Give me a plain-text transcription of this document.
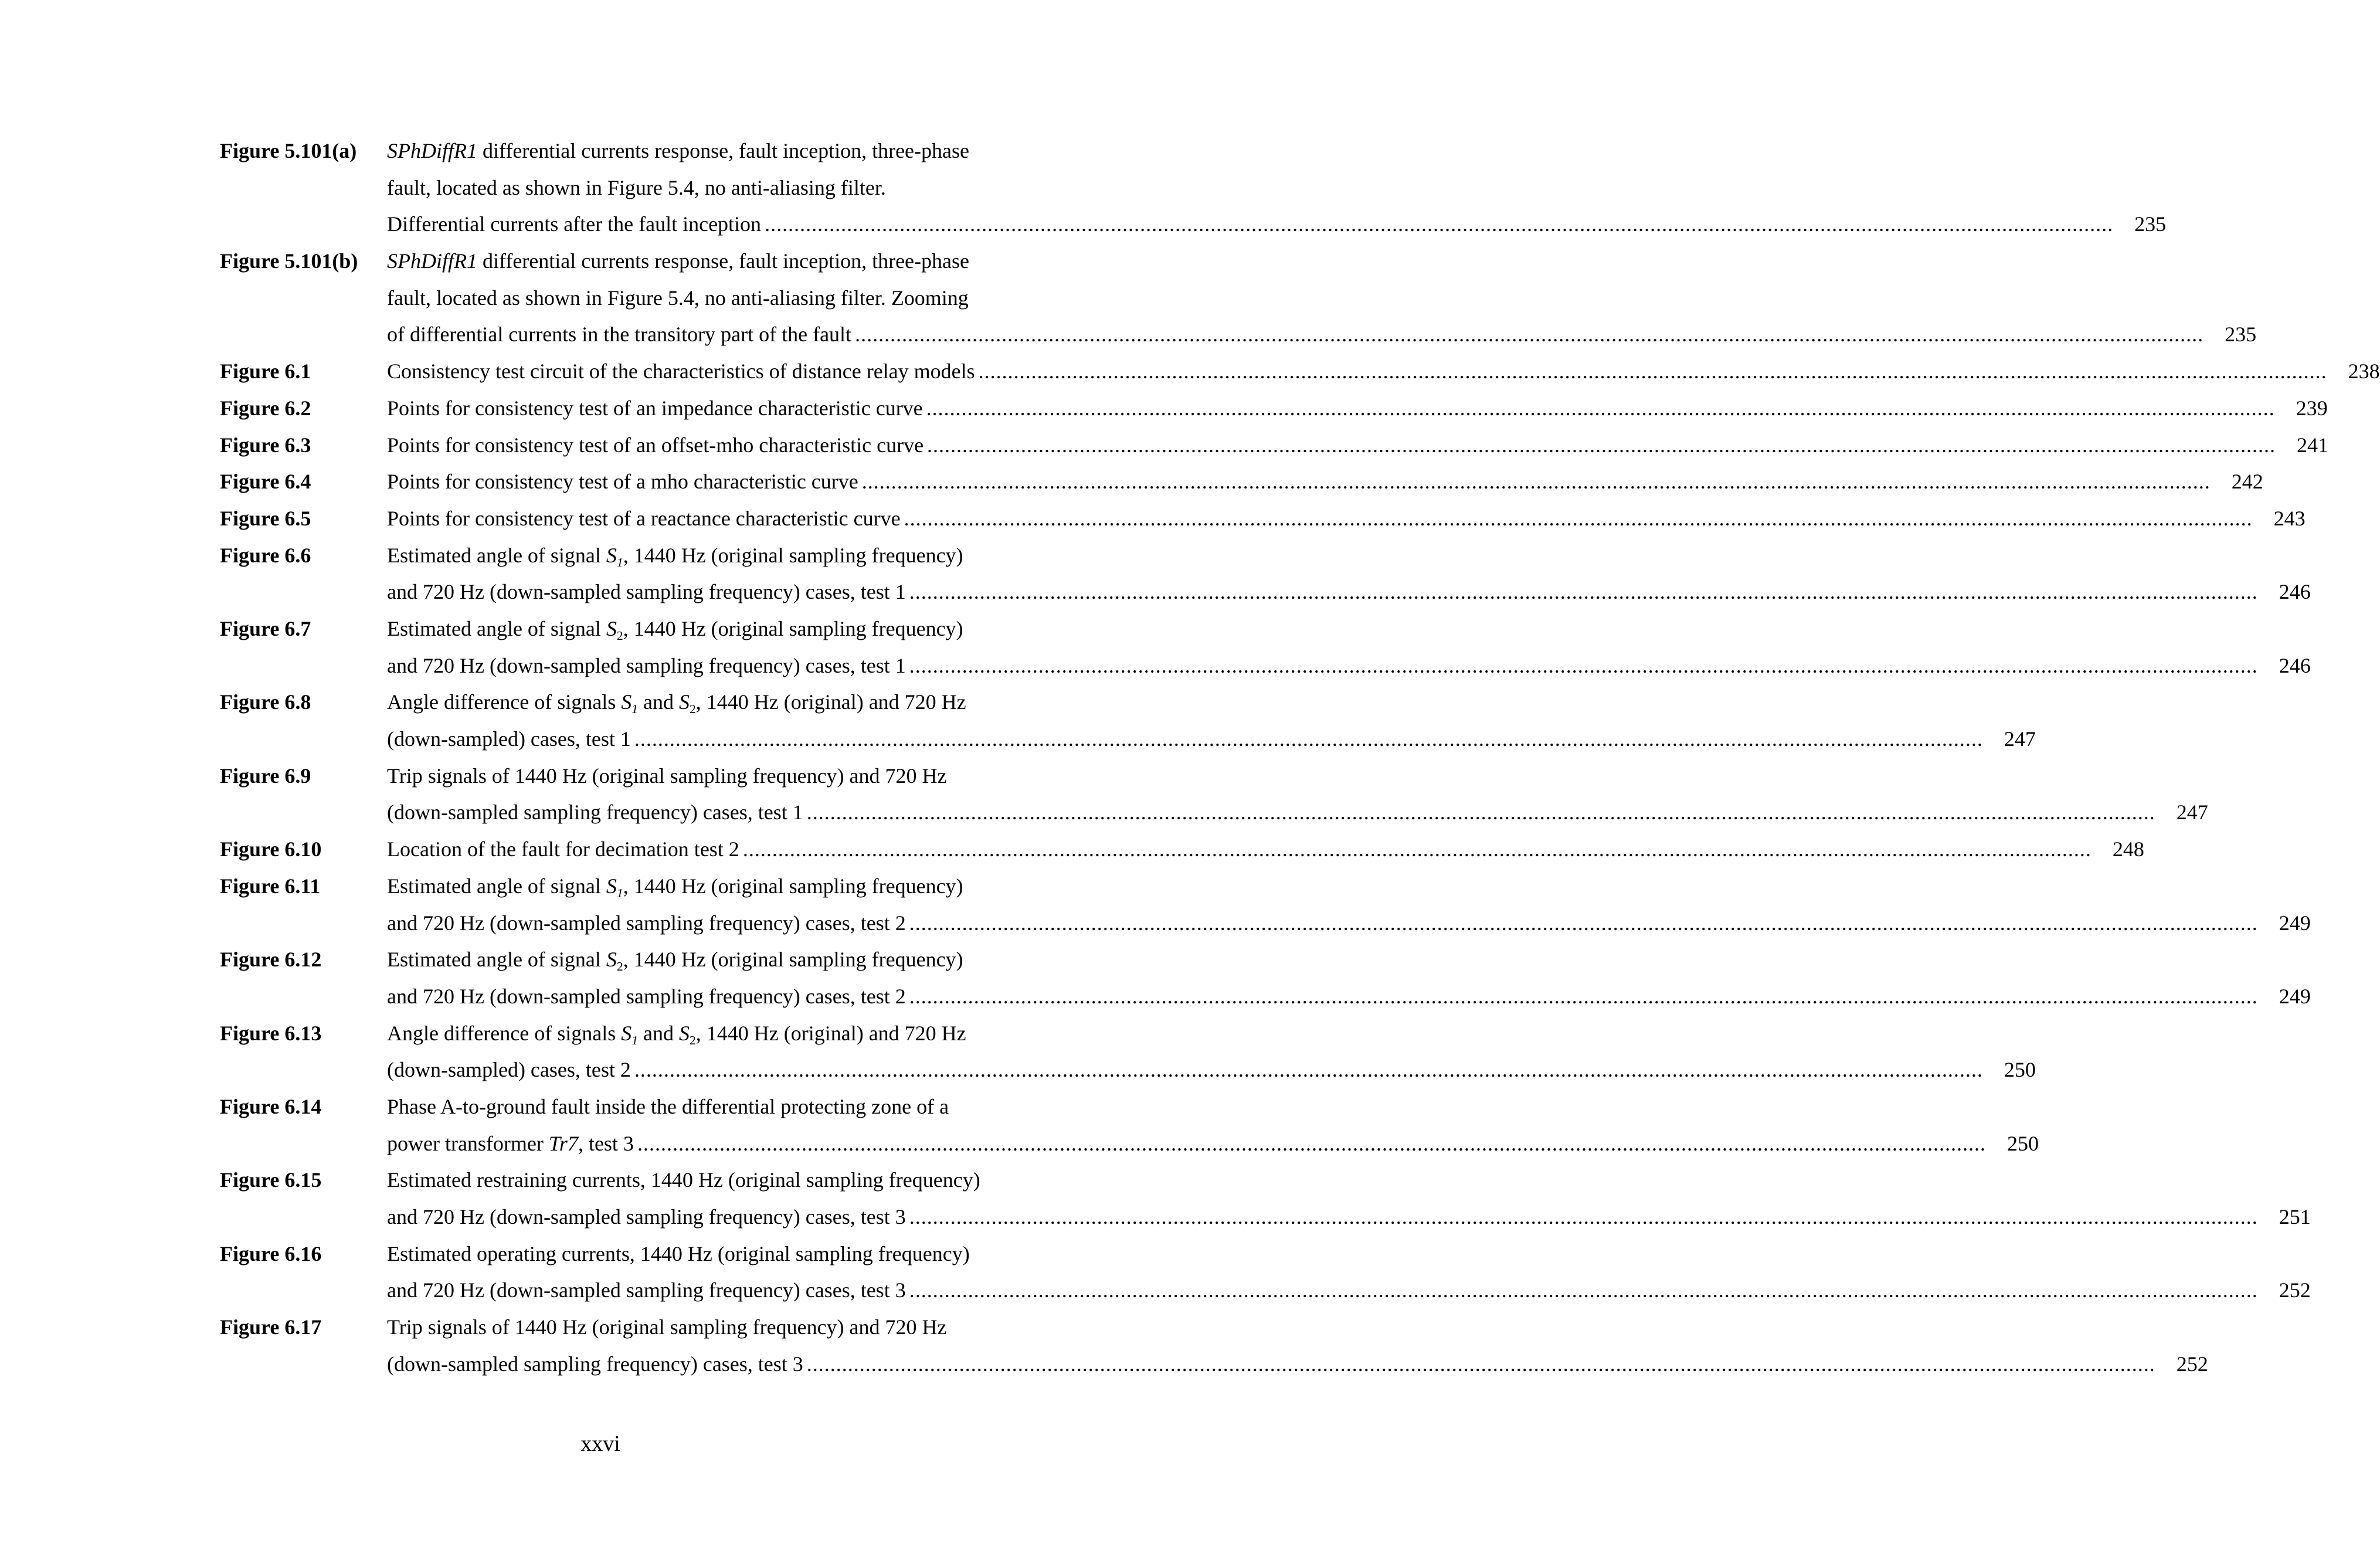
Figure 5.101(a)	SPhDiffR1 differential currents response, fault inception, three-phase
fault, located as shown in Figure 5.4, no anti-aliasing filter.
Differential currents after the fault inception .....	235
Figure 5.101(b)	SPhDiffR1 differential currents response, fault inception, three-phase
fault, located as shown in Figure 5.4, no anti-aliasing filter. Zooming
of differential currents in the transitory part of the fault .....	235
Figure 6.1	Consistency test circuit of the characteristics of distance relay models .....	238
Figure 6.2	Points for consistency test of an impedance characteristic curve .....	239
Figure 6.3	Points for consistency test of an offset-mho characteristic curve .....	241
Figure 6.4	Points for consistency test of a mho characteristic curve .....	242
Figure 6.5	Points for consistency test of a reactance characteristic curve .....	243
Figure 6.6	Estimated angle of signal $S_1$, 1440 Hz (original sampling frequency)
and 720 Hz (down-sampled sampling frequency) cases, test 1 .....	246
Figure 6.7	Estimated angle of signal $S_2$, 1440 Hz (original sampling frequency)
and 720 Hz (down-sampled sampling frequency) cases, test 1 .....	246
Figure 6.8	Angle difference of signals $S_1$ and $S_2$, 1440 Hz (original) and 720 Hz
(down-sampled) cases, test 1 .....	247
Figure 6.9	Trip signals of 1440 Hz (original sampling frequency) and 720 Hz
(down-sampled sampling frequency) cases, test 1 .....	247
Figure 6.10	Location of the fault for decimation test 2 .....	248
Figure 6.11	Estimated angle of signal $S_1$, 1440 Hz (original sampling frequency)
and 720 Hz (down-sampled sampling frequency) cases, test 2 .....	249
Figure 6.12	Estimated angle of signal $S_2$, 1440 Hz (original sampling frequency)
and 720 Hz (down-sampled sampling frequency) cases, test 2 .....	249
Figure 6.13	Angle difference of signals $S_1$ and $S_2$, 1440 Hz (original) and 720 Hz
(down-sampled) cases, test 2 .....	250
Figure 6.14	Phase A-to-ground fault inside the differential protecting zone of a
power transformer Tr7, test 3 .....	250
Figure 6.15	Estimated restraining currents, 1440 Hz (original sampling frequency)
and 720 Hz (down-sampled sampling frequency) cases, test 3 .....	251
Figure 6.16	Estimated operating currents, 1440 Hz (original sampling frequency)
and 720 Hz (down-sampled sampling frequency) cases, test 3 .....	252
Figure 6.17	Trip signals of 1440 Hz (original sampling frequency) and 720 Hz
(down-sampled sampling frequency) cases, test 3 .....	252
xxvi
